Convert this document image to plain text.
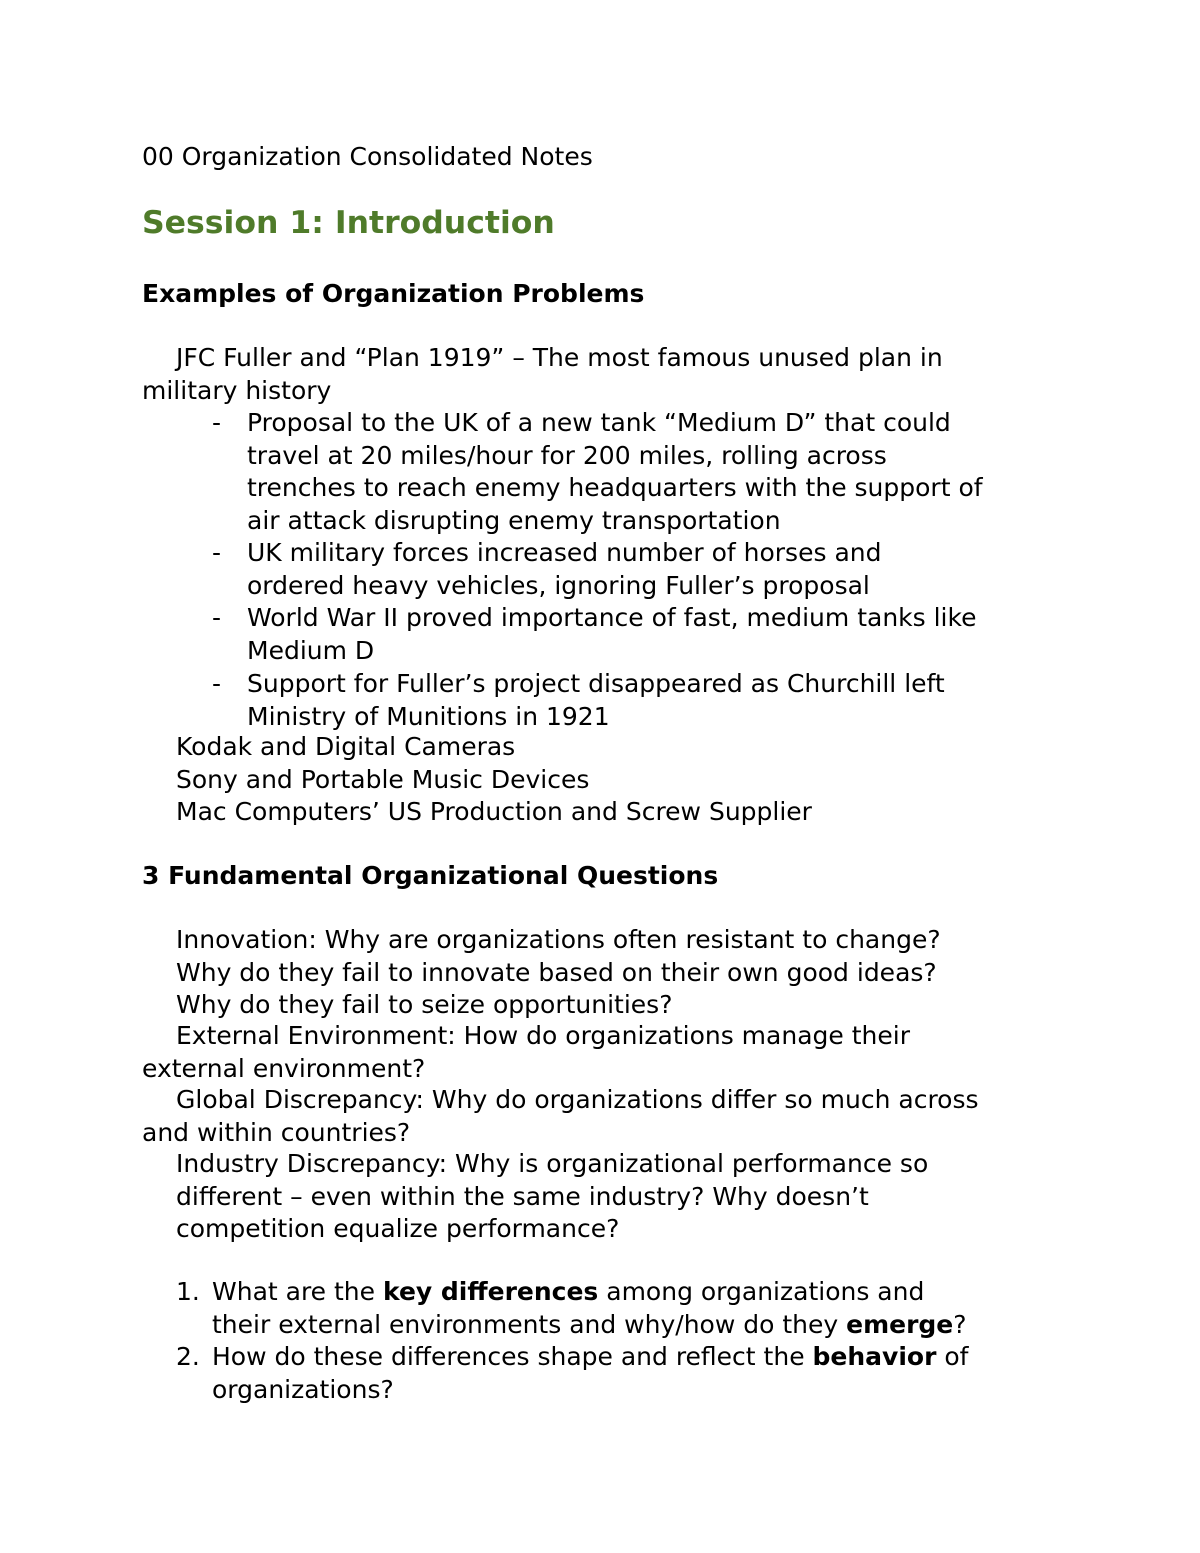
00 Organization Consolidated Notes
Session 1: Introduction
Examples of Organization Problems
JFC Fuller and “Plan 1919” – The most famous unused plan in
military history
- Proposal to the UK of a new tank “Medium D” that could
travel at 20 miles/hour for 200 miles, rolling across
trenches to reach enemy headquarters with the support of
air attack disrupting enemy transportation
- UK military forces increased number of horses and
ordered heavy vehicles, ignoring Fuller’s proposal
- World War II proved importance of fast, medium tanks like
Medium D
- Support for Fuller’s project disappeared as Churchill left
Ministry of Munitions in 1921
Kodak and Digital Cameras
Sony and Portable Music Devices
Mac Computers’ US Production and Screw Supplier
3 Fundamental Organizational Questions
Innovation: Why are organizations often resistant to change?
Why do they fail to innovate based on their own good ideas?
Why do they fail to seize opportunities?
External Environment: How do organizations manage their
external environment?
Global Discrepancy: Why do organizations differ so much across
and within countries?
Industry Discrepancy: Why is organizational performance so
different – even within the same industry? Why doesn’t
competition equalize performance?
1. What are the key differences among organizations and
their external environments and why/how do they emerge?
2. How do these differences shape and reflect the behavior of
organizations?
